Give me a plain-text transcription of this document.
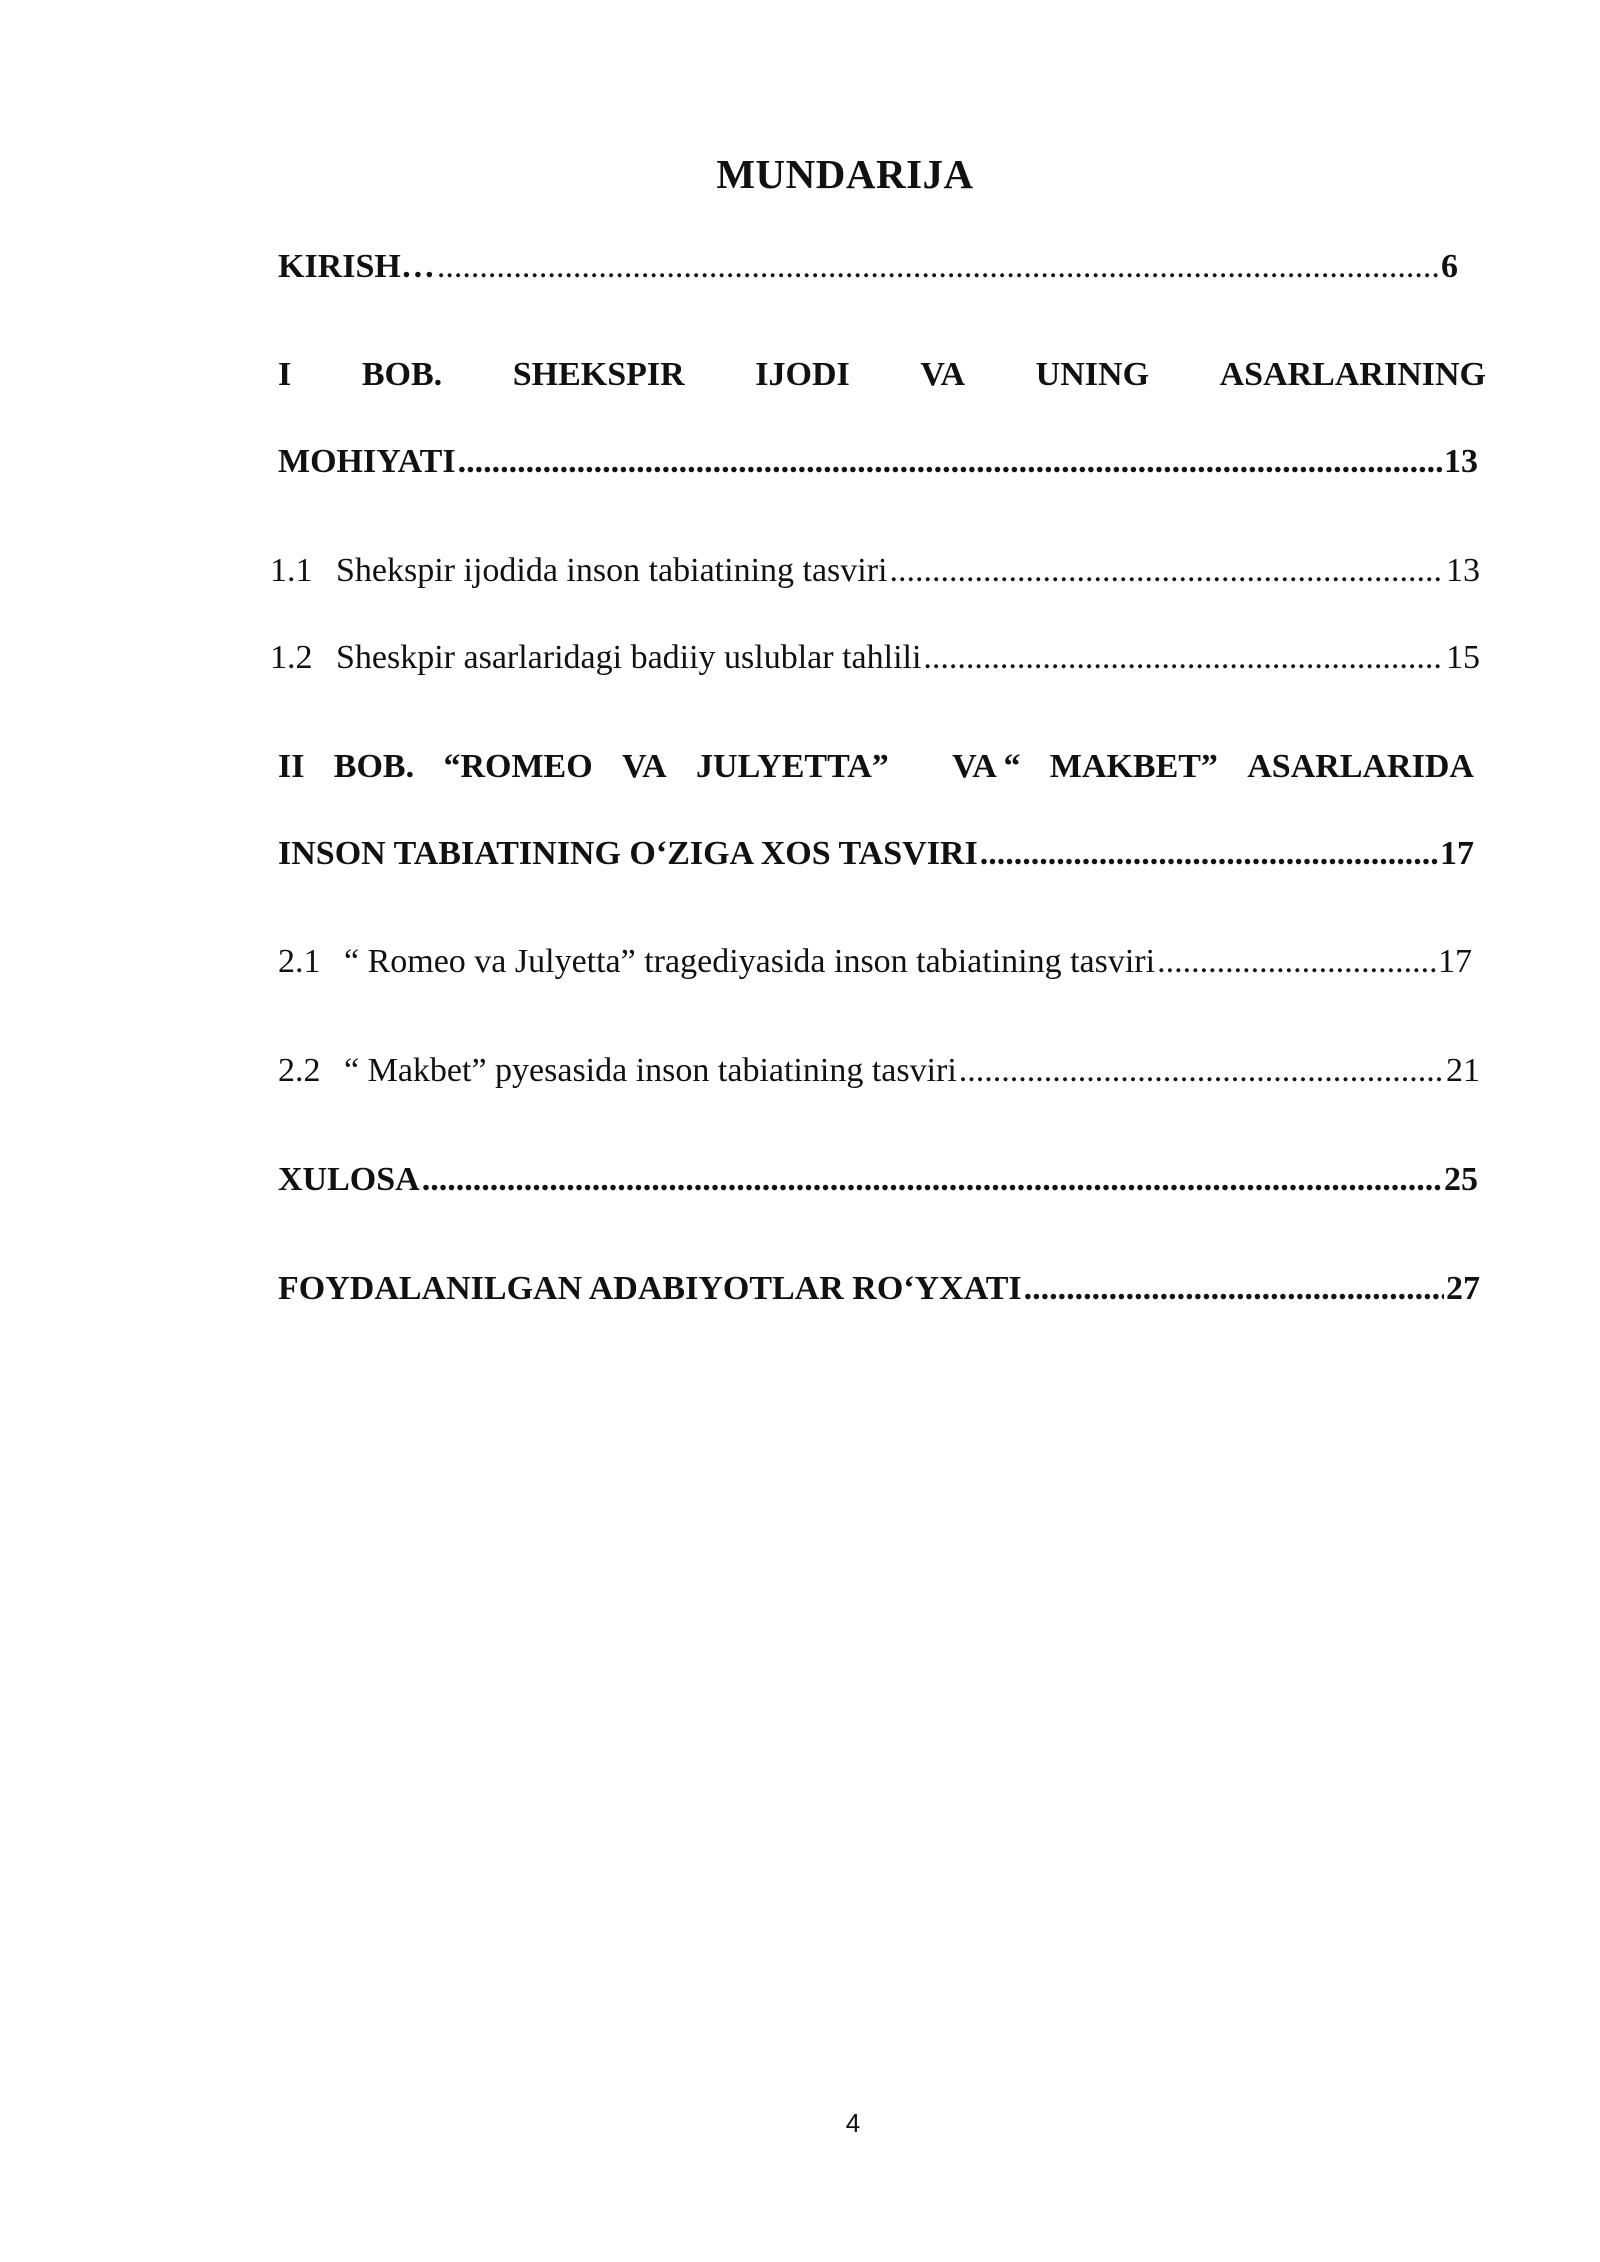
MUNDARIJA
KIRISH… .....	6
I BOB. SHEKSPIR IJODI VA UNING ASARLARINING
MOHIYATI .....	13
1.1 Shekspir ijodida inson tabiatining tasviri .....	13
1.2 Sheskpir asarlaridagi badiiy uslublar tahlili .....	15
II BOB. “ROMEO VA JULYETTA” VA “ MAKBET” ASARLARIDA
INSON TABIATINING O‘ZIGA XOS TASVIRI .....	17
2.1 “ Romeo va Julyetta” tragediyasida inson tabiatining tasviri .....	17
2.2 “ Makbet” pyesasida inson tabiatining tasviri .....	21
XULOSA .....	25
FOYDALANILGAN ADABIYOTLAR RO‘YXATI .....	27
4
